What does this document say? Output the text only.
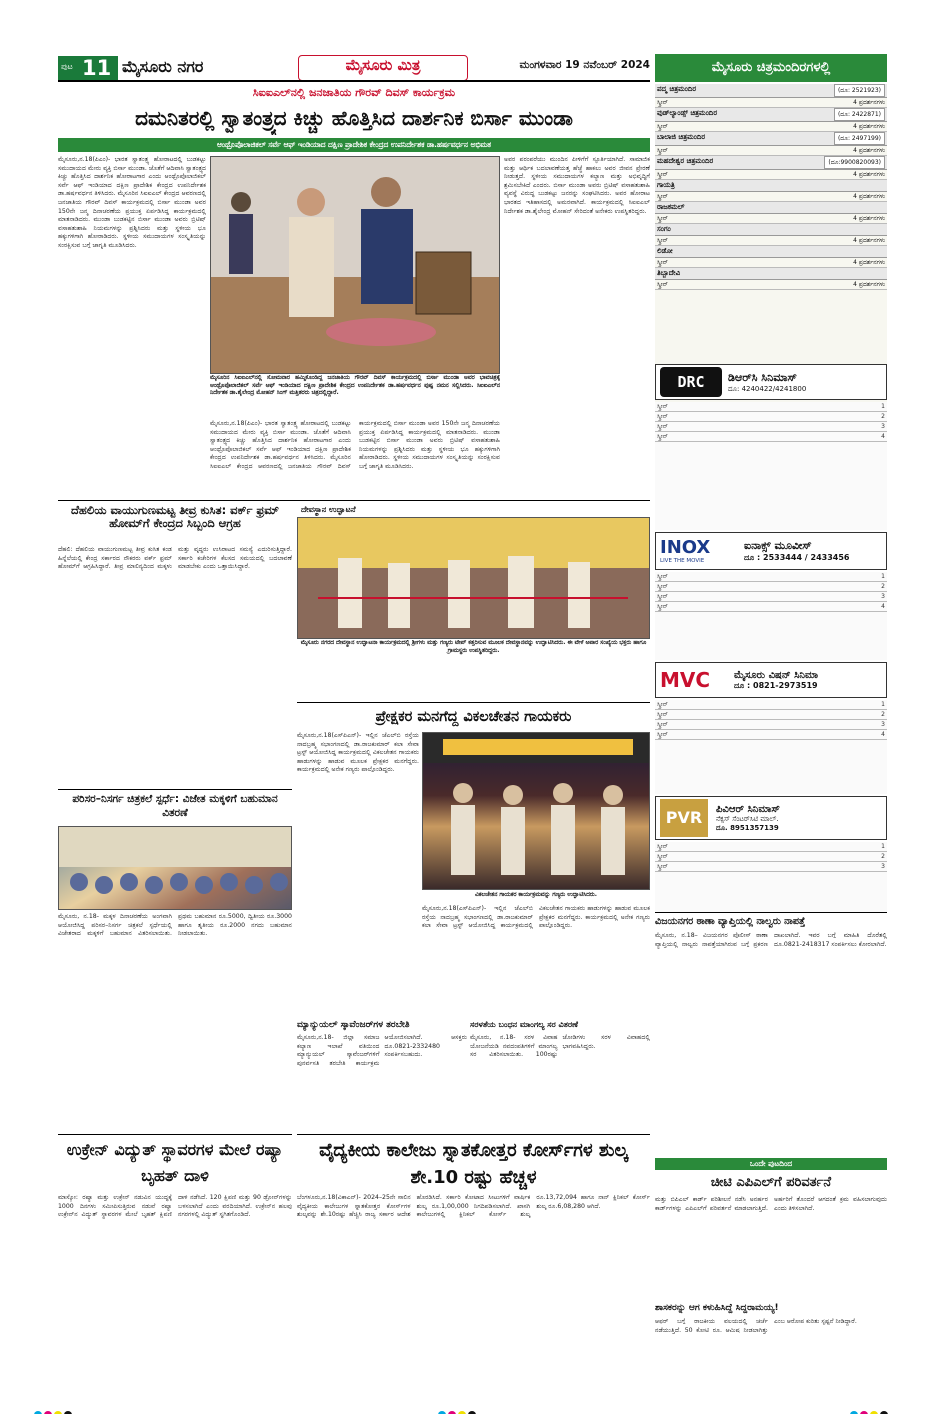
ಪುಟ 11 ಮೈಸೂರು ನಗರ	ಮೈಸೂರು ಮಿತ್ರ	ಮಂಗಳವಾರ 19 ನವೆಂಬರ್ 2024
ಸಿಐಐಎಲ್‌ನಲ್ಲಿ ಜನಜಾತಿಯ ಗೌರವ್ ದಿವಸ್ ಕಾರ್ಯಕ್ರಮ
ದಮನಿತರಲ್ಲಿ ಸ್ವಾತಂತ್ರ್ಯದ ಕಿಚ್ಚು ಹೊತ್ತಿಸಿದ ದಾರ್ಶನಿಕ ಬಿರ್ಸಾ ಮುಂಡಾ
ಆಂಥ್ರೊಪೊಲಾಜಿಕಲ್ ಸರ್ವೆ ಆಫ್ ಇಂಡಿಯಾದ ದಕ್ಷಿಣ ಪ್ರಾದೇಶಿಕ ಕೇಂದ್ರದ ಉಪನಿರ್ದೇಶಕ ಡಾ.ಹರ್ಷವರ್ಧನ ಅಭಿಮತ
ಮೈಸೂರು,ನ.18(ಪಿಎಂ)- ಭಾರತ ಸ್ವಾತಂತ್ರ್ಯ ಹೋರಾಟದಲ್ಲಿ ಬುಡಕಟ್ಟು ಸಮುದಾಯದ ಮೇರು ವ್ಯಕ್ತಿ ಬಿರ್ಸಾ ಮುಂಡಾ. ಜೊತೆಗೆ ಆದಿವಾಸಿ ಸ್ವಾತಂತ್ರ್ಯದ ಕಿಚ್ಚು ಹೊತ್ತಿಸಿದ ದಾರ್ಶನಿಕ ಹೋರಾಟಗಾರ ಎಂದು ಆಂಥ್ರೊಪೊಲಾಜಿಕಲ್ ಸರ್ವೆ ಆಫ್ ಇಂಡಿಯಾದ ದಕ್ಷಿಣ ಪ್ರಾದೇಶಿಕ ಕೇಂದ್ರದ ಉಪನಿರ್ದೇಶಕ ಡಾ.ಹರ್ಷವರ್ಧನ ತಿಳಿಸಿದರು. ಮೈಸೂರಿನ ಸಿಐಐಎಲ್ ಕೇಂದ್ರದ ಆವರಣದಲ್ಲಿ ಜನಜಾತಿಯ ಗೌರವ್ ದಿವಸ್ ಕಾರ್ಯಕ್ರಮದಲ್ಲಿ ಬಿರ್ಸಾ ಮುಂಡಾ ಅವರ 150ನೇ ಜನ್ಮ ದಿನಾಚರಣೆಯ ಪ್ರಯುಕ್ತ ಏರ್ಪಡಿಸಿದ್ದ ಕಾರ್ಯಕ್ರಮದಲ್ಲಿ ಮಾತನಾಡಿದರು. ಮುಂಡಾ ಬುಡಕಟ್ಟಿನ ಬಿರ್ಸಾ ಮುಂಡಾ ಅವರು ಬ್ರಿಟಿಷ್ ವಸಾಹತುಶಾಹಿ ನಿಯಮಗಳನ್ನು ಪ್ರಶ್ನಿಸಿದರು ಮತ್ತು ಸ್ಥಳೀಯ ಭೂ ಹಕ್ಕುಗಳಿಗಾಗಿ ಹೋರಾಡಿದರು. ಸ್ಥಳೀಯ ಸಮುದಾಯಗಳ ಸಂಸ್ಕೃತಿಯನ್ನು ಸಂರಕ್ಷಿಸುವ ಬಗ್ಗೆ ಜಾಗೃತಿ ಮೂಡಿಸಿದರು.
ಮೈಸೂರಿನ ಸಿಐಐಎಲ್‌ನಲ್ಲಿ ಸೋಮವಾರ ಹಮ್ಮಿಕೊಂಡಿದ್ದ ಜನಜಾತಿಯ ಗೌರವ್ ದಿವಸ್ ಕಾರ್ಯಕ್ರಮದಲ್ಲಿ ಬಿರ್ಸಾ ಮುಂಡಾ ಅವರ ಭಾವಚಿತ್ರಕ್ಕೆ ಆಂಥ್ರೊಪೊಲಾಜಿಕಲ್ ಸರ್ವೆ ಆಫ್ ಇಂಡಿಯಾದ ದಕ್ಷಿಣ ಪ್ರಾದೇಶಿಕ ಕೇಂದ್ರದ ಉಪನಿರ್ದೇಶಕ ಡಾ.ಹರ್ಷವರ್ಧನ ಪುಷ್ಪ ನಮನ ಸಲ್ಲಿಸಿದರು. ಸಿಐಐಎಲ್‌ನ ನಿರ್ದೇಶಕ ಡಾ.ಶೈಲೇಂದ್ರ ಮೋಹನ್ ಸಿಂಗ್ ಮತ್ತಿತರರು ಚಿತ್ರದಲ್ಲಿದ್ದಾರೆ.
ಅವರ ಪರಂಪರೆಯು ಮುಂದಿನ ಪೀಳಿಗೆಗೆ ಸ್ಫೂರ್ತಿಯಾಗಿದೆ. ಸಾಮಾಜಿಕ ಮತ್ತು ಆರ್ಥಿಕ ಬದಲಾವಣೆಯತ್ತ ಹೆಜ್ಜೆ ಹಾಕಲು ಅವರ ಜೀವನ ಪ್ರೇರಣೆ ನೀಡುತ್ತದೆ. ಸ್ಥಳೀಯ ಸಮುದಾಯಗಳ ಕಲ್ಯಾಣ ಮತ್ತು ಅಭಿವೃದ್ಧಿಗೆ ಶ್ರಮಿಸಬೇಕಿದೆ ಎಂದರು. ಬಿರ್ಸಾ ಮುಂಡಾ ಅವರು ಬ್ರಿಟಿಷ್ ವಸಾಹತುಶಾಹಿ ವ್ಯವಸ್ಥೆ ವಿರುದ್ಧ ಬುಡಕಟ್ಟು ಜನರನ್ನು ಸಂಘಟಿಸಿದರು. ಅವರ ಹೋರಾಟ ಭಾರತದ ಇತಿಹಾಸದಲ್ಲಿ ಅಮರವಾಗಿದೆ. ಕಾರ್ಯಕ್ರಮದಲ್ಲಿ ಸಿಐಐಎಲ್ ನಿರ್ದೇಶಕ ಡಾ.ಶೈಲೇಂದ್ರ ಮೋಹನ್ ಸೇರಿದಂತೆ ಅನೇಕರು ಉಪಸ್ಥಿತರಿದ್ದರು.
ಮೈಸೂರು,ನ.18(ಪಿಎಂ)- ಭಾರತ ಸ್ವಾತಂತ್ರ್ಯ ಹೋರಾಟದಲ್ಲಿ ಬುಡಕಟ್ಟು ಸಮುದಾಯದ ಮೇರು ವ್ಯಕ್ತಿ ಬಿರ್ಸಾ ಮುಂಡಾ. ಜೊತೆಗೆ ಆದಿವಾಸಿ ಸ್ವಾತಂತ್ರ್ಯದ ಕಿಚ್ಚು ಹೊತ್ತಿಸಿದ ದಾರ್ಶನಿಕ ಹೋರಾಟಗಾರ ಎಂದು ಆಂಥ್ರೊಪೊಲಾಜಿಕಲ್ ಸರ್ವೆ ಆಫ್ ಇಂಡಿಯಾದ ದಕ್ಷಿಣ ಪ್ರಾದೇಶಿಕ ಕೇಂದ್ರದ ಉಪನಿರ್ದೇಶಕ ಡಾ.ಹರ್ಷವರ್ಧನ ತಿಳಿಸಿದರು. ಮೈಸೂರಿನ ಸಿಐಐಎಲ್ ಕೇಂದ್ರದ ಆವರಣದಲ್ಲಿ ಜನಜಾತಿಯ ಗೌರವ್ ದಿವಸ್ ಕಾರ್ಯಕ್ರಮದಲ್ಲಿ ಬಿರ್ಸಾ ಮುಂಡಾ ಅವರ 150ನೇ ಜನ್ಮ ದಿನಾಚರಣೆಯ ಪ್ರಯುಕ್ತ ಏರ್ಪಡಿಸಿದ್ದ ಕಾರ್ಯಕ್ರಮದಲ್ಲಿ ಮಾತನಾಡಿದರು. ಮುಂಡಾ ಬುಡಕಟ್ಟಿನ ಬಿರ್ಸಾ ಮುಂಡಾ ಅವರು ಬ್ರಿಟಿಷ್ ವಸಾಹತುಶಾಹಿ ನಿಯಮಗಳನ್ನು ಪ್ರಶ್ನಿಸಿದರು ಮತ್ತು ಸ್ಥಳೀಯ ಭೂ ಹಕ್ಕುಗಳಿಗಾಗಿ ಹೋರಾಡಿದರು. ಸ್ಥಳೀಯ ಸಮುದಾಯಗಳ ಸಂಸ್ಕೃತಿಯನ್ನು ಸಂರಕ್ಷಿಸುವ ಬಗ್ಗೆ ಜಾಗೃತಿ ಮೂಡಿಸಿದರು.
ದೆಹಲಿಯ ವಾಯುಗುಣಮಟ್ಟ ತೀವ್ರ ಕುಸಿತ: ವರ್ಕ್ ಫ್ರಮ್ ಹೋಮ್‌ಗೆ ಕೇಂದ್ರದ ಸಿಬ್ಬಂದಿ ಆಗ್ರಹ
ದೆಹಲಿ: ದೆಹಲಿಯ ವಾಯುಗುಣಮಟ್ಟ ತೀವ್ರ ಕುಸಿತ ಕಂಡ ಹಿನ್ನೆಲೆಯಲ್ಲಿ ಕೇಂದ್ರ ಸರ್ಕಾರದ ನೌಕರರು ವರ್ಕ್ ಫ್ರಮ್ ಹೋಮ್‌ಗೆ ಆಗ್ರಹಿಸಿದ್ದಾರೆ. ತೀವ್ರ ಮಾಲಿನ್ಯದಿಂದ ಮಕ್ಕಳು ಮತ್ತು ವೃದ್ಧರು ಉಸಿರಾಟದ ಸಮಸ್ಯೆ ಎದುರಿಸುತ್ತಿದ್ದಾರೆ. ಸರ್ಕಾರಿ ಕಚೇರಿಗಳ ಕೆಲಸದ ಸಮಯದಲ್ಲಿ ಬದಲಾವಣೆ ಮಾಡಬೇಕು ಎಂದು ಒತ್ತಾಯಿಸಿದ್ದಾರೆ.
ದೇವಸ್ಥಾನ ಉದ್ಘಾಟನೆ
ಮೈಸೂರು ನಗರದ ದೇವಸ್ಥಾನ ಉದ್ಘಾಟನಾ ಕಾರ್ಯಕ್ರಮದಲ್ಲಿ ಶ್ರೀಗಳು ಮತ್ತು ಗಣ್ಯರು ಟೇಪ್ ಕತ್ತರಿಸುವ ಮೂಲಕ ದೇವಸ್ಥಾನವನ್ನು ಉದ್ಘಾಟಿಸಿದರು. ಈ ವೇಳೆ ಅಪಾರ ಸಂಖ್ಯೆಯ ಭಕ್ತರು ಹಾಗೂ ಗ್ರಾಮಸ್ಥರು ಉಪಸ್ಥಿತರಿದ್ದರು.
ಪರಿಸರ–ನಿಸರ್ಗ ಚಿತ್ರಕಲೆ ಸ್ಪರ್ಧೆ: ವಿಜೇತ ಮಕ್ಕಳಿಗೆ ಬಹುಮಾನ ವಿತರಣೆ
ಮೈಸೂರು, ನ.18- ಮಕ್ಕಳ ದಿನಾಚರಣೆಯ ಅಂಗವಾಗಿ ಆಯೋಜಿಸಿದ್ದ ಪರಿಸರ–ನಿಸರ್ಗ ಚಿತ್ರಕಲೆ ಸ್ಪರ್ಧೆಯಲ್ಲಿ ವಿಜೇತರಾದ ಮಕ್ಕಳಿಗೆ ಬಹುಮಾನ ವಿತರಿಸಲಾಯಿತು. ಪ್ರಥಮ ಬಹುಮಾನ ರೂ.5000, ದ್ವಿತೀಯ ರೂ.3000 ಹಾಗೂ ತೃತೀಯ ರೂ.2000 ನಗದು ಬಹುಮಾನ ನೀಡಲಾಯಿತು.
ಪ್ರೇಕ್ಷಕರ ಮನಗೆದ್ದ ವಿಕಲಚೇತನ ಗಾಯಕರು
ಮೈಸೂರು,ನ.18(ಎಸ್‌ಪಿಎನ್)- ಇಲ್ಲಿನ ಜೆಎಲ್‌ಬಿ ರಸ್ತೆಯ ನಾದಬ್ರಹ್ಮ ಸಭಾಂಗಣದಲ್ಲಿ ಡಾ.ರಾಜಕುಮಾರ್ ಕಲಾ ಸೇವಾ ಟ್ರಸ್ಟ್ ಆಯೋಜಿಸಿದ್ದ ಕಾರ್ಯಕ್ರಮದಲ್ಲಿ ವಿಕಲಚೇತನ ಗಾಯಕರು ಹಾಡುಗಳನ್ನು ಹಾಡುವ ಮೂಲಕ ಪ್ರೇಕ್ಷಕರ ಮನಗೆದ್ದರು. ಕಾರ್ಯಕ್ರಮದಲ್ಲಿ ಅನೇಕ ಗಣ್ಯರು ಪಾಲ್ಗೊಂಡಿದ್ದರು.
ವಿಕಲಚೇತನ ಗಾಯಕರ ಕಾರ್ಯಕ್ರಮವನ್ನು ಗಣ್ಯರು ಉದ್ಘಾಟಿಸಿದರು.
ಮೈಸೂರು,ನ.18(ಎಸ್‌ಪಿಎನ್)- ಇಲ್ಲಿನ ಜೆಎಲ್‌ಬಿ ರಸ್ತೆಯ ನಾದಬ್ರಹ್ಮ ಸಭಾಂಗಣದಲ್ಲಿ ಡಾ.ರಾಜಕುಮಾರ್ ಕಲಾ ಸೇವಾ ಟ್ರಸ್ಟ್ ಆಯೋಜಿಸಿದ್ದ ಕಾರ್ಯಕ್ರಮದಲ್ಲಿ ವಿಕಲಚೇತನ ಗಾಯಕರು ಹಾಡುಗಳನ್ನು ಹಾಡುವ ಮೂಲಕ ಪ್ರೇಕ್ಷಕರ ಮನಗೆದ್ದರು. ಕಾರ್ಯಕ್ರಮದಲ್ಲಿ ಅನೇಕ ಗಣ್ಯರು ಪಾಲ್ಗೊಂಡಿದ್ದರು.
ಮ್ಯಾನ್ಯುಯಲ್ ಸ್ಕಾವೆಂಜರ್‌ಗಳ ತರಬೇತಿ
ಮೈಸೂರು,ನ.18- ಜಿಲ್ಲಾ ಸಮಾಜ ಕಲ್ಯಾಣ ಇಲಾಖೆ ವತಿಯಿಂದ ಮ್ಯಾನ್ಯುಯಲ್ ಸ್ಕಾವೆಂಜರ್‌ಗಳಿಗೆ ಪುನರ್ವಸತಿ ತರಬೇತಿ ಕಾರ್ಯಕ್ರಮ ಆಯೋಜಿಸಲಾಗಿದೆ. ಆಸಕ್ತರು ದೂ.0821-2332480 ಸಂಪರ್ಕಿಸಬಹುದು.
ಸರಳತೆಯ ಬಂಧನ ಮಾಂಗಲ್ಯ ಸರ ವಿತರಣೆ
ಮೈಸೂರು, ನ.18- ಸರಳ ವಿವಾಹ ಯೋಜನೆಯಡಿ ನವದಂಪತಿಗಳಿಗೆ ಮಾಂಗಲ್ಯ ಸರ ವಿತರಿಸಲಾಯಿತು. 100ರಷ್ಟು ಜೋಡಿಗಳು ಸರಳ ವಿವಾಹದಲ್ಲಿ ಭಾಗವಹಿಸಿದ್ದರು.
ಉಕ್ರೇನ್ ವಿದ್ಯುತ್ ಸ್ಥಾವರಗಳ ಮೇಲೆ ರಷ್ಯಾ ಬೃಹತ್ ದಾಳಿ
ಮಾಸ್ಕೋ: ರಷ್ಯಾ ಮತ್ತು ಉಕ್ರೇನ್ ನಡುವಿನ ಯುದ್ಧಕ್ಕೆ 1000 ದಿನಗಳು ಸಮೀಪಿಸುತ್ತಿರುವ ನಡುವೆ ರಷ್ಯಾ ಉಕ್ರೇನ್‌ನ ವಿದ್ಯುತ್ ಸ್ಥಾವರಗಳ ಮೇಲೆ ಬೃಹತ್ ಕ್ಷಿಪಣಿ ದಾಳಿ ನಡೆಸಿದೆ. 120 ಕ್ಷಿಪಣಿ ಮತ್ತು 90 ಡ್ರೋನ್‌ಗಳನ್ನು ಬಳಸಲಾಗಿದೆ ಎಂದು ವರದಿಯಾಗಿದೆ. ಉಕ್ರೇನ್‌ನ ಹಲವು ನಗರಗಳಲ್ಲಿ ವಿದ್ಯುತ್ ಸ್ಥಗಿತಗೊಂಡಿದೆ.
ವೈದ್ಯಕೀಯ ಕಾಲೇಜು ಸ್ನಾತಕೋತ್ತರ ಕೋರ್ಸ್‌ಗಳ ಶುಲ್ಕ ಶೇ.10 ರಷ್ಟು ಹೆಚ್ಚಳ
ಬೆಂಗಳೂರು,ನ.18(ವಿಕಾಎನ್)- 2024–25ನೇ ಸಾಲಿನ ವೈದ್ಯಕೀಯ ಕಾಲೇಜುಗಳ ಸ್ನಾತಕೋತ್ತರ ಕೋರ್ಸ್‌ಗಳ ಶುಲ್ಕವನ್ನು ಶೇ.10ರಷ್ಟು ಹೆಚ್ಚಿಸಿ ರಾಜ್ಯ ಸರ್ಕಾರ ಆದೇಶ ಹೊರಡಿಸಿದೆ. ಸರ್ಕಾರಿ ಕೋಟಾದ ಸೀಟುಗಳಿಗೆ ವಾರ್ಷಿಕ ಶುಲ್ಕ ರೂ.1,00,000 ನಿಗದಿಪಡಿಸಲಾಗಿದೆ. ಖಾಸಗಿ ಕಾಲೇಜುಗಳಲ್ಲಿ ಕ್ಲಿನಿಕಲ್ ಕೋರ್ಸ್ ಶುಲ್ಕ ರೂ.13,72,094 ಹಾಗೂ ನಾನ್ ಕ್ಲಿನಿಕಲ್ ಕೋರ್ಸ್ ಶುಲ್ಕ ರೂ.6,08,280 ಆಗಿದೆ.
ಮೈಸೂರು ಚಿತ್ರಮಂದಿರಗಳಲ್ಲಿ
ಪದ್ಮ ಚಿತ್ರಮಂದಿರ	(ದೂ: 2521923)
ಸ್ಕ್ರೀನ್	4 ಪ್ರದರ್ಶನಗಳು
ವುಡ್‌ಲ್ಯಾಂಡ್ಸ್ ಚಿತ್ರಮಂದಿರ	(ದೂ: 2422871)
ಸ್ಕ್ರೀನ್	4 ಪ್ರದರ್ಶನಗಳು
ಬಾಲಾಜಿ ಚಿತ್ರಮಂದಿರ	(ದೂ: 2497199)
ಸ್ಕ್ರೀನ್	4 ಪ್ರದರ್ಶನಗಳು
ಮಹದೇಶ್ವರ ಚಿತ್ರಮಂದಿರ	(ದೂ:9900820093)
ಸ್ಕ್ರೀನ್	4 ಪ್ರದರ್ಶನಗಳು
ಗಾಯತ್ರಿ
ಸ್ಕ್ರೀನ್	4 ಪ್ರದರ್ಶನಗಳು
ರಾಜಕಮಲ್
ಸ್ಕ್ರೀನ್	4 ಪ್ರದರ್ಶನಗಳು
ಸಂಗಂ
ಸ್ಕ್ರೀನ್	4 ಪ್ರದರ್ಶನಗಳು
ಲಿಡೋ
ಸ್ಕ್ರೀನ್	4 ಪ್ರದರ್ಶನಗಳು
ತಿಬ್ಬಾದೇವಿ
ಸ್ಕ್ರೀನ್	4 ಪ್ರದರ್ಶನಗಳು
DRC	ಡಿಆರ್‌ಸಿ ಸಿನಿಮಾಸ್
ದೂ: 4240422/4241800
ಸ್ಕ್ರೀನ್	1
ಸ್ಕ್ರೀನ್	2
ಸ್ಕ್ರೀನ್	3
ಸ್ಕ್ರೀನ್	4
INOX
LIVE THE MOVIE
ಐನಾಕ್ಸ್ ಮೂವೀಸ್
ದೂ : 2533444 / 2433456
ಸ್ಕ್ರೀನ್	1
ಸ್ಕ್ರೀನ್	2
ಸ್ಕ್ರೀನ್	3
ಸ್ಕ್ರೀನ್	4
MVC	ಮೈಸೂರು ವಿಷನ್ ಸಿನಿಮಾ
ದೂ : 0821-2973519
ಸ್ಕ್ರೀನ್	1
ಸ್ಕ್ರೀನ್	2
ಸ್ಕ್ರೀನ್	3
ಸ್ಕ್ರೀನ್	4
PVR	ಪಿವಿಆರ್ ಸಿನಿಮಾಸ್
ನೆಕ್ಸಸ್ ಸೆಂಟರ್‌ಸಿಟಿ ಮಾಲ್.
ದೂ. 8951357139
ಸ್ಕ್ರೀನ್	1
ಸ್ಕ್ರೀನ್	2
ಸ್ಕ್ರೀನ್	3
ವಿಜಯನಗರ ಠಾಣಾ ವ್ಯಾಪ್ತಿಯಲ್ಲಿ ನಾಲ್ವರು ನಾಪತ್ತೆ
ಮೈಸೂರು, ನ.18– ವಿಜಯನಗರ ಪೊಲೀಸ್ ಠಾಣಾ ವ್ಯಾಪ್ತಿಯಲ್ಲಿ ನಾಲ್ವರು ನಾಪತ್ತೆಯಾಗಿರುವ ಬಗ್ಗೆ ಪ್ರಕರಣ ದಾಖಲಾಗಿದೆ. ಇವರ ಬಗ್ಗೆ ಮಾಹಿತಿ ದೊರೆತಲ್ಲಿ ದೂ.0821-2418317 ಸಂಪರ್ಕಿಸಲು ಕೋರಲಾಗಿದೆ.
ಒಂದೇ ಪುಟದಿಂದ
ಚೀಟಿ ಎಪಿಎಲ್‌ಗೆ ಪರಿವರ್ತನೆ
ಮತ್ತು ಬಿಪಿಎಲ್ ಕಾರ್ಡ್ ಪರಿಶೀಲನೆ ನಡೆಸಿ ಅನರ್ಹರ ಕಾರ್ಡ್‌ಗಳನ್ನು ಎಪಿಎಲ್‌ಗೆ ಪರಿವರ್ತನೆ ಮಾಡಲಾಗುತ್ತಿದೆ. ಅರ್ಹರಿಗೆ ತೊಂದರೆ ಆಗದಂತೆ ಕ್ರಮ ವಹಿಸಲಾಗುವುದು ಎಂದು ತಿಳಿಸಲಾಗಿದೆ.
ಶಾಸಕರನ್ನು ಆಗ ಕಳುಹಿಸಿದ್ದೆ ಸಿದ್ದರಾಮಯ್ಯ!
ಆಫರ್ ಬಗ್ಗೆ ರಾಜಕೀಯ ವಲಯದಲ್ಲಿ ಚರ್ಚೆ ನಡೆಯುತ್ತಿದೆ. 50 ಕೋಟಿ ರೂ. ಆಮಿಷ ನೀಡಲಾಗಿತ್ತು ಎಂಬ ಆರೋಪ ಕುರಿತು ಸ್ಪಷ್ಟನೆ ನೀಡಿದ್ದಾರೆ.
